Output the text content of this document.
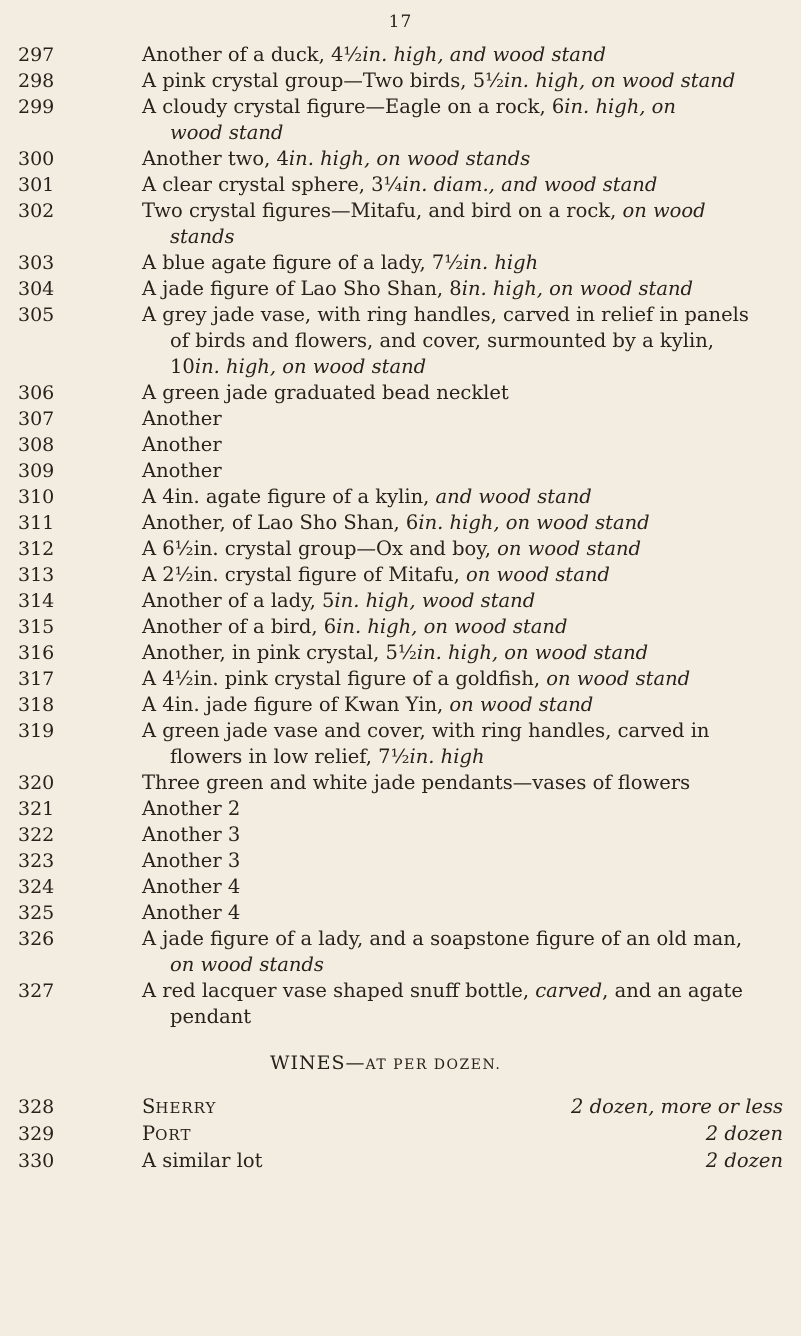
17
297	Another of a duck, 4½in. high, and wood stand
298	A pink crystal group—Two birds, 5½in. high, on wood stand
299	A cloudy crystal figure—Eagle on a rock, 6in. high, on
wood stand
300	Another two, 4in. high, on wood stands
301	A clear crystal sphere, 3¼in. diam., and wood stand
302	Two crystal figures—Mitafu, and bird on a rock, on wood
stands
303	A blue agate figure of a lady, 7½in. high
304	A jade figure of Lao Sho Shan, 8in. high, on wood stand
305	A grey jade vase, with ring handles, carved in relief in panels
of birds and flowers, and cover, surmounted by a kylin,
10in. high, on wood stand
306	A green jade graduated bead necklet
307	Another
308	Another
309	Another
310	A 4in. agate figure of a kylin, and wood stand
311	Another, of Lao Sho Shan, 6in. high, on wood stand
312	A 6½in. crystal group—Ox and boy, on wood stand
313	A 2½in. crystal figure of Mitafu, on wood stand
314	Another of a lady, 5in. high, wood stand
315	Another of a bird, 6in. high, on wood stand
316	Another, in pink crystal, 5½in. high, on wood stand
317	A 4½in. pink crystal figure of a goldfish, on wood stand
318	A 4in. jade figure of Kwan Yin, on wood stand
319	A green jade vase and cover, with ring handles, carved in
flowers in low relief, 7½in. high
320	Three green and white jade pendants—vases of flowers
321	Another 2
322	Another 3
323	Another 3
324	Another 4
325	Another 4
326	A jade figure of a lady, and a soapstone figure of an old man,
on wood stands
327	A red lacquer vase shaped snuff bottle, carved, and an agate
pendant
WINES—AT PER DOZEN.
328	SHERRY	2 dozen, more or less
329	PORT	2 dozen
330	A similar lot	2 dozen
